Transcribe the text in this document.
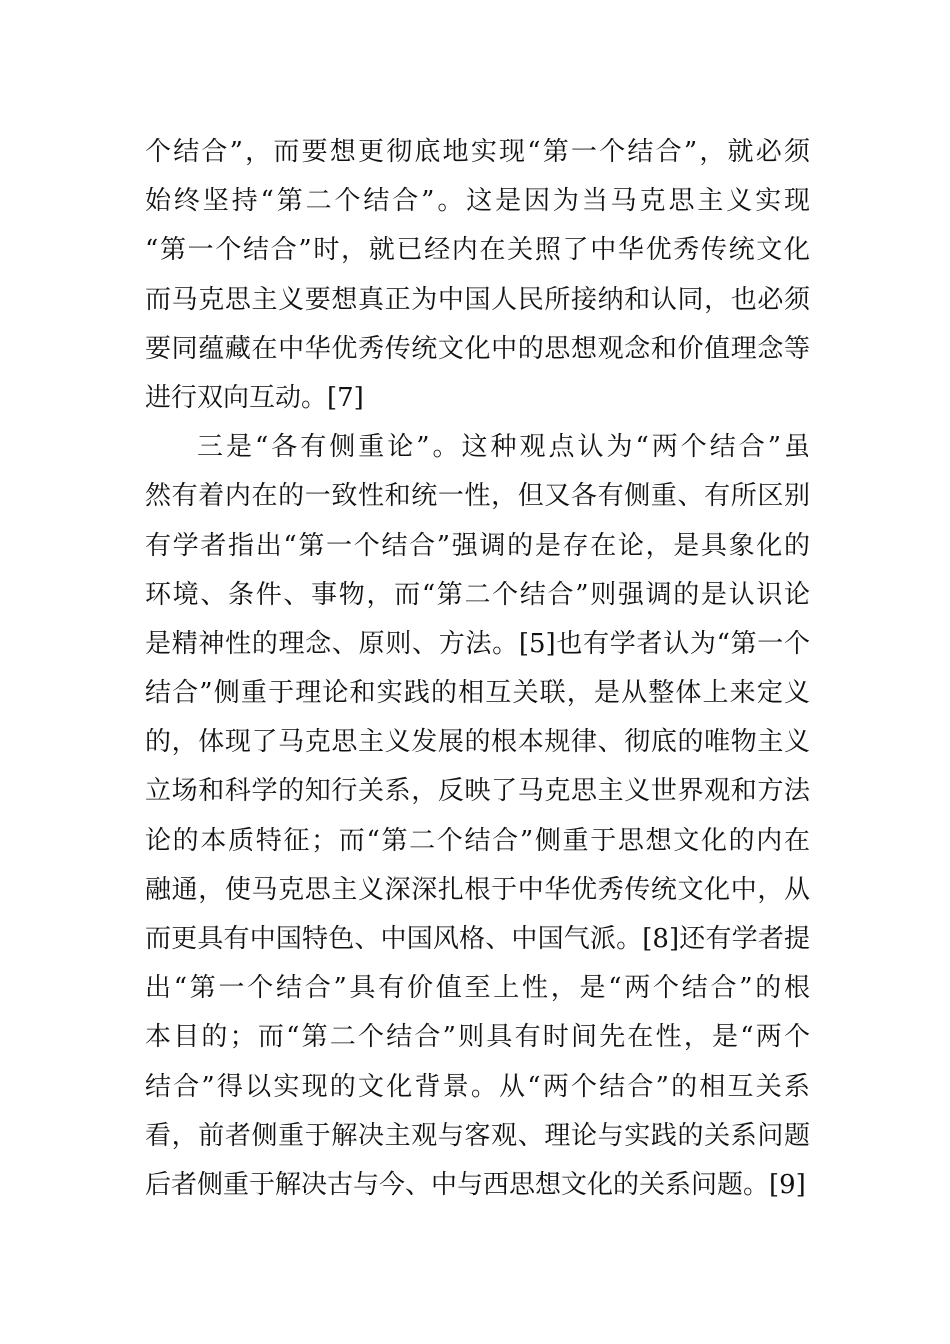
个结合”，而要想更彻底地实现“第一个结合”，就必须
始终坚持“第二个结合”。这是因为当马克思主义实现
“第一个结合”时，就已经内在关照了中华优秀传统文化
而马克思主义要想真正为中国人民所接纳和认同，也必须
要同蕴藏在中华优秀传统文化中的思想观念和价值理念等
进行双向互动。[7]
三是“各有侧重论”。这种观点认为“两个结合”虽
然有着内在的一致性和统一性，但又各有侧重、有所区别
有学者指出“第一个结合”强调的是存在论，是具象化的
环境、条件、事物，而“第二个结合”则强调的是认识论
是精神性的理念、原则、方法。[5]也有学者认为“第一个
结合”侧重于理论和实践的相互关联，是从整体上来定义
的，体现了马克思主义发展的根本规律、彻底的唯物主义
立场和科学的知行关系，反映了马克思主义世界观和方法
论的本质特征；而“第二个结合”侧重于思想文化的内在
融通，使马克思主义深深扎根于中华优秀传统文化中，从
而更具有中国特色、中国风格、中国气派。[8]还有学者提
出“第一个结合”具有价值至上性，是“两个结合”的根
本目的；而“第二个结合”则具有时间先在性，是“两个
结合”得以实现的文化背景。从“两个结合”的相互关系
看，前者侧重于解决主观与客观、理论与实践的关系问题
后者侧重于解决古与今、中与西思想文化的关系问题。[9]
